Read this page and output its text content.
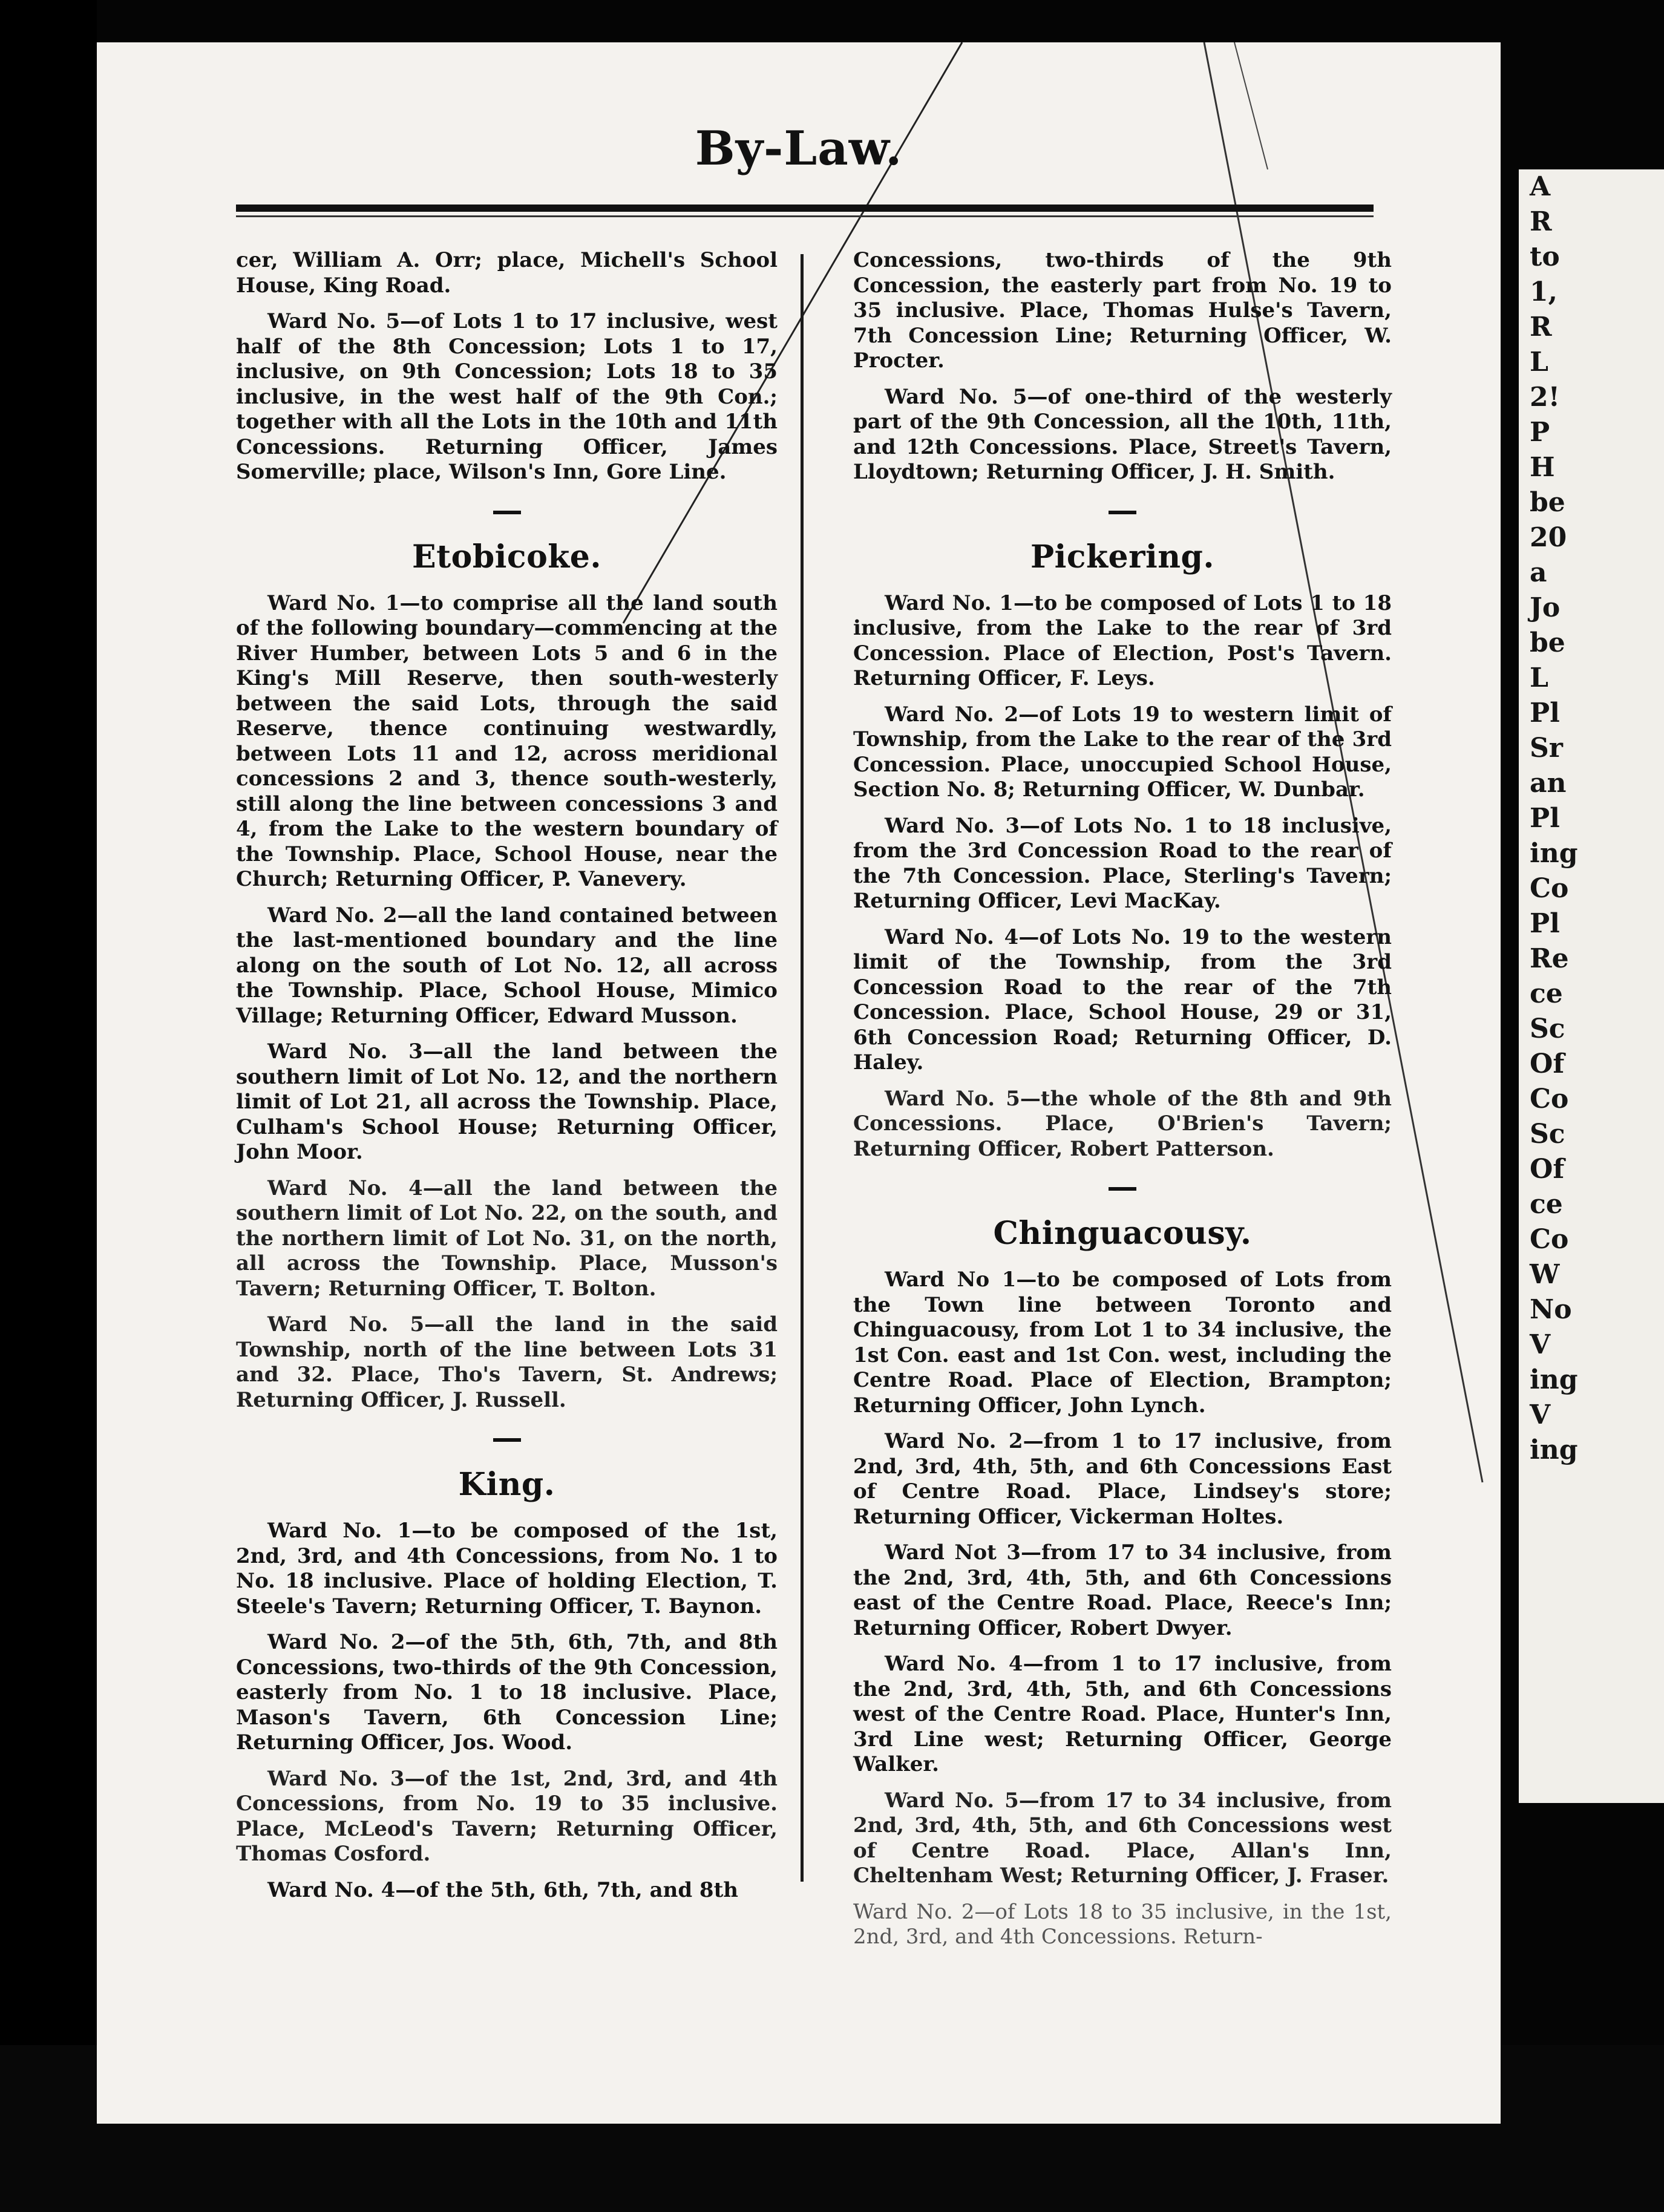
By-Law.

cer, William A. Orr; place, Michell's School House, King Road.

Ward No. 5—of Lots 1 to 17 inclusive, west half of the 8th Concession; Lots 1 to 17, inclusive, on 9th Concession; Lots 18 to 35 inclusive, in the west half of the 9th Con.; together with all the Lots in the 10th and 11th Concessions. Returning Officer, James Somerville; place, Wilson's Inn, Gore Line.

Etobicoke.

Ward No. 1—to comprise all the land south of the following boundary—commencing at the River Humber, between Lots 5 and 6 in the King's Mill Reserve, then south-westerly between the said Lots, through the said Reserve, thence continuing westwardly, between Lots 11 and 12, across meridional concessions 2 and 3, thence south-westerly, still along the line between concessions 3 and 4, from the Lake to the western boundary of the Township. Place, School House, near the Church; Returning Officer, P. Vanevery.

Ward No. 2—all the land contained between the last-mentioned boundary and the line along on the south of Lot No. 12, all across the Township. Place, School House, Mimico Village; Returning Officer, Edward Musson.

Ward No. 3—all the land between the southern limit of Lot No. 12, and the northern limit of Lot 21, all across the Township. Place, Culham's School House; Returning Officer, John Moor.

Ward No. 4—all the land between the southern limit of Lot No. 22, on the south, and the northern limit of Lot No. 31, on the north, all across the Township. Place, Musson's Tavern; Returning Officer, T. Bolton.

Ward No. 5—all the land in the said Township, north of the line between Lots 31 and 32. Place, Tho's Tavern, St. Andrews; Returning Officer, J. Russell.

King.

Ward No. 1—to be composed of the 1st, 2nd, 3rd, and 4th Concessions, from No. 1 to No. 18 inclusive. Place of holding Election, T. Steele's Tavern; Returning Officer, T. Baynon.

Ward No. 2—of the 5th, 6th, 7th, and 8th Concessions, two-thirds of the 9th Concession, easterly from No. 1 to 18 inclusive. Place, Mason's Tavern, 6th Concession Line; Returning Officer, Jos. Wood.

Ward No. 3—of the 1st, 2nd, 3rd, and 4th Concessions, from No. 19 to 35 inclusive. Place, McLeod's Tavern; Returning Officer, Thomas Cosford.

Ward No. 4—of the 5th, 6th, 7th, and 8th

Concessions, two-thirds of the 9th Concession, the easterly part from No. 19 to 35 inclusive. Place, Thomas Hulse's Tavern, 7th Concession Line; Returning Officer, W. Procter.

Ward No. 5—of one-third of the westerly part of the 9th Concession, all the 10th, 11th, and 12th Concessions. Place, Street's Tavern, Lloydtown; Returning Officer, J. H. Smith.

Pickering.

Ward No. 1—to be composed of Lots 1 to 18 inclusive, from the Lake to the rear of 3rd Concession. Place of Election, Post's Tavern. Returning Officer, F. Leys.

Ward No. 2—of Lots 19 to western limit of Township, from the Lake to the rear of the 3rd Concession. Place, unoccupied School House, Section No. 8; Returning Officer, W. Dunbar.

Ward No. 3—of Lots No. 1 to 18 inclusive, from the 3rd Concession Road to the rear of the 7th Concession. Place, Sterling's Tavern; Returning Officer, Levi MacKay.

Ward No. 4—of Lots No. 19 to the western limit of the Township, from the 3rd Concession Road to the rear of the 7th Concession. Place, School House, 29 or 31, 6th Concession Road; Returning Officer, D. Haley.

Ward No. 5—the whole of the 8th and 9th Concessions. Place, O'Brien's Tavern; Returning Officer, Robert Patterson.

Chinguacousy.

Ward No 1—to be composed of Lots from the Town line between Toronto and Chinguacousy, from Lot 1 to 34 inclusive, the 1st Con. east and 1st Con. west, including the Centre Road. Place of Election, Brampton; Returning Officer, John Lynch.

Ward No. 2—from 1 to 17 inclusive, from 2nd, 3rd, 4th, 5th, and 6th Concessions East of Centre Road. Place, Lindsey's store; Returning Officer, Vickerman Holtes.

Ward Not 3—from 17 to 34 inclusive, from the 2nd, 3rd, 4th, 5th, and 6th Concessions east of the Centre Road. Place, Reece's Inn; Returning Officer, Robert Dwyer.

Ward No. 4—from 1 to 17 inclusive, from the 2nd, 3rd, 4th, 5th, and 6th Concessions west of the Centre Road. Place, Hunter's Inn, 3rd Line west; Returning Officer, George Walker.

Ward No. 5—from 17 to 34 inclusive, from 2nd, 3rd, 4th, 5th, and 6th Concessions west of Centre Road. Place, Allan's Inn, Cheltenham West; Returning Officer, J. Fraser.

Ward No. 2—of Lots 18 to 35 inclusive, in the 1st, 2nd, 3rd, and 4th Concessions. Return-

A

R

to

1,

R

L

2!

P

H

be

20

a

Jo

be

L

Pl

Sr

an

Pl

ing

Co

Pl

Re

ce

Sc

Of

Co

Sc

Of

ce

Co

W

No

V

ing

V

ing
